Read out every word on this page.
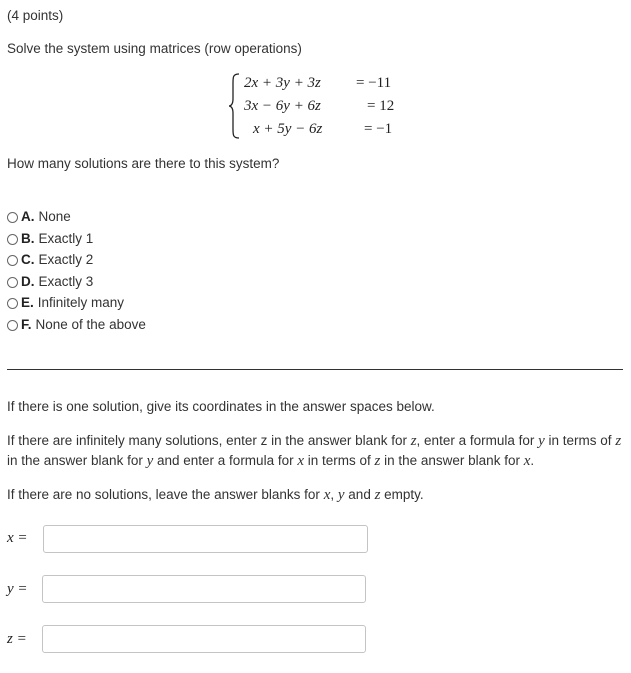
(4 points)
Solve the system using matrices (row operations)
2x + 3y + 3z = −11
3x − 6y + 6z	= 12
x + 5y − 6z	= −1
How many solutions are there to this system?
A. None
B. Exactly 1
C. Exactly 2
D. Exactly 3
E. Infinitely many
F. None of the above
If there is one solution, give its coordinates in the answer spaces below.
If there are infinitely many solutions, enter z in the answer blank for z, enter a formula for y in terms of z in the answer blank for y and enter a formula for x in terms of z in the answer blank for x.
If there are no solutions, leave the answer blanks for x, y and z empty.
x =
y =
z =
